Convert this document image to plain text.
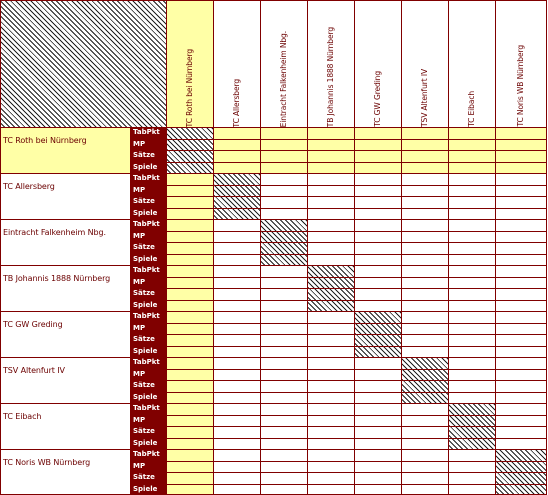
TC Roth bei Nürnberg	TC Allersberg	Eintracht Falkenheim Nbg.	TB Johannis 1888 Nürnberg	TC GW Greding	TSV Altenfurt IV	TC Eibach	TC Noris WB Nürnberg
TC Roth bei Nürnberg
TabPkt
MP
Sätze
Spiele
TC Allersberg
TabPkt
MP
Sätze
Spiele
Eintracht Falkenheim Nbg.
TabPkt
MP
Sätze
Spiele
TB Johannis 1888 Nürnberg
TabPkt
MP
Sätze
Spiele
TC GW Greding
TabPkt
MP
Sätze
Spiele
TSV Altenfurt IV
TabPkt
MP
Sätze
Spiele
TC Eibach
TabPkt
MP
Sätze
Spiele
TC Noris WB Nürnberg
TabPkt
MP
Sätze
Spiele
